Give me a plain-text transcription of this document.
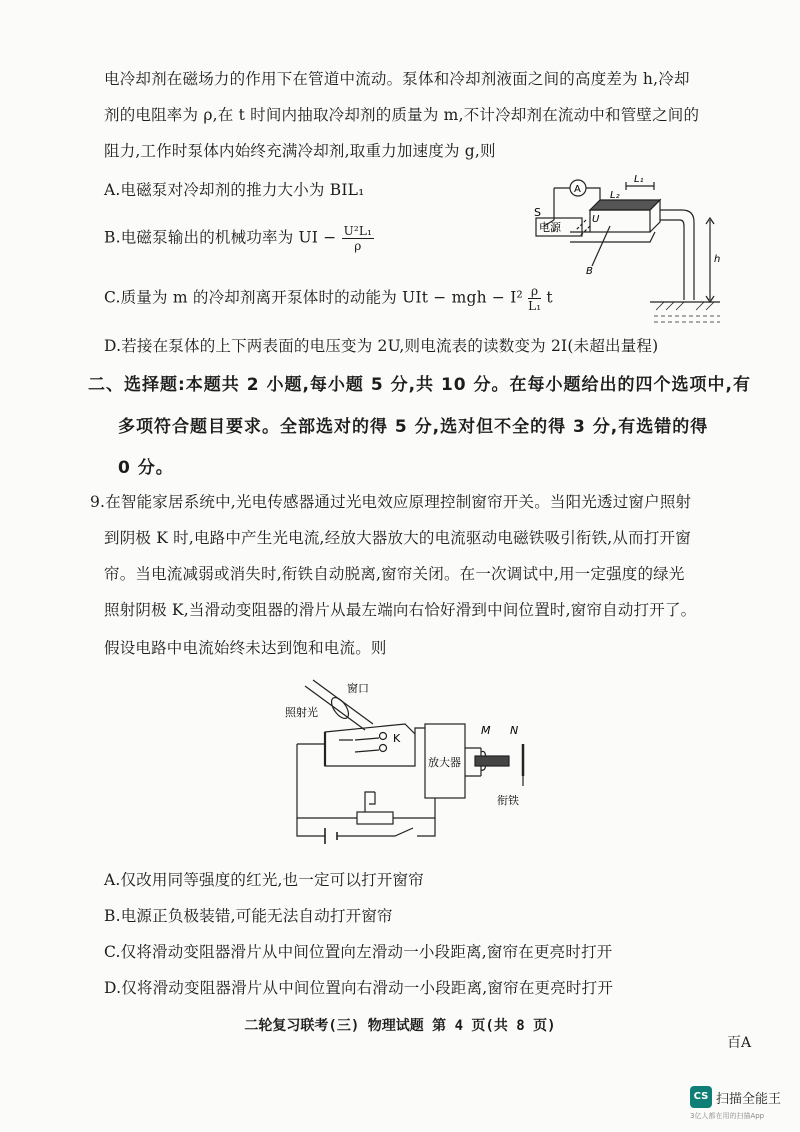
电冷却剂在磁场力的作用下在管道中流动。泵体和冷却剂液面之间的高度差为 h,冷却
剂的电阻率为 ρ,在 t 时间内抽取冷却剂的质量为 m,不计冷却剂在流动中和管壁之间的
阻力,工作时泵体内始终充满冷却剂,取重力加速度为 g,则
A.电磁泵对冷却剂的推力大小为 BIL₁
B.电磁泵输出的机械功率为 UI − $\frac{\text{U²L₁}}{\rho}$
C.质量为 m 的冷却剂离开泵体时的动能为 UIt − mgh − $I^2 \frac{\rho}{\text{L₁}}$ t
D.若接在泵体的上下两表面的电压变为 2U,则电流表的读数变为 2I(未超出量程)
A
S
电源
L₁
L₂
U
B
h
二、选择题:本题共 2 小题,每小题 5 分,共 10 分。在每小题给出的四个选项中,有
多项符合题目要求。全部选对的得 5 分,选对但不全的得 3 分,有选错的得
0 分。
9.在智能家居系统中,光电传感器通过光电效应原理控制窗帘开关。当阳光透过窗户照射
到阴极 K 时,电路中产生光电流,经放大器放大的电流驱动电磁铁吸引衔铁,从而打开窗
帘。当电流减弱或消失时,衔铁自动脱离,窗帘关闭。在一次调试中,用一定强度的绿光
照射阴极 K,当滑动变阻器的滑片从最左端向右恰好滑到中间位置时,窗帘自动打开了。
假设电路中电流始终未达到饱和电流。则
窗口
照射光
K
放大器
M N
衔铁
A.仅改用同等强度的红光,也一定可以打开窗帘
B.电源正负极装错,可能无法自动打开窗帘
C.仅将滑动变阻器滑片从中间位置向左滑动一小段距离,窗帘在更亮时打开
D.仅将滑动变阻器滑片从中间位置向右滑动一小段距离,窗帘在更亮时打开
二轮复习联考(三) 物理试题 第 4 页(共 8 页)
百A
CS 扫描全能王
3亿人都在用的扫描App
